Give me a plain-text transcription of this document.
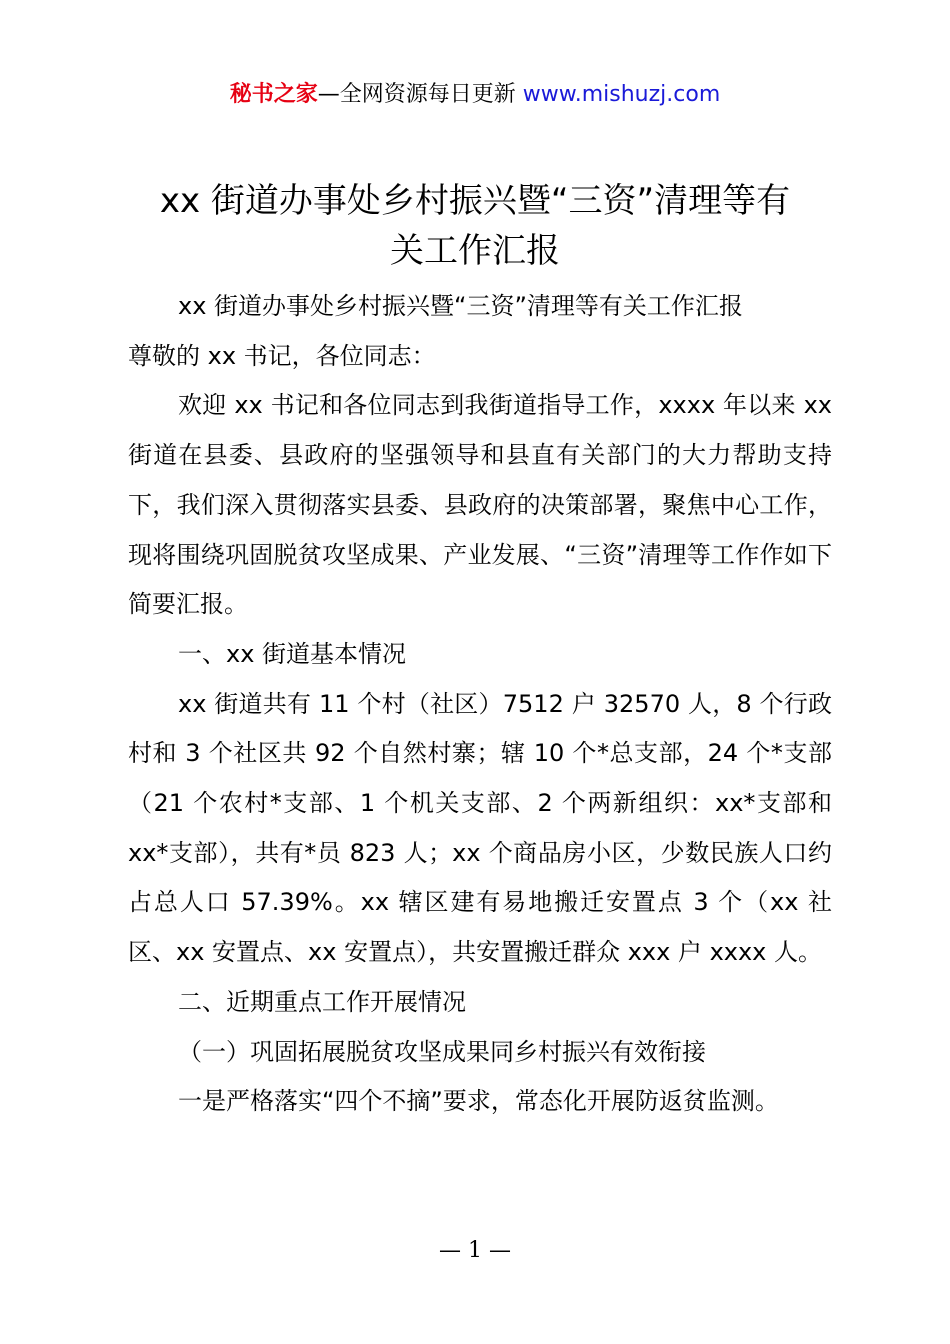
秘书之家—全网资源每日更新 www.mishuzj.com
xx 街道办事处乡村振兴暨“三资”清理等有
关工作汇报

xx 街道办事处乡村振兴暨“三资”清理等有关工作汇报

尊敬的 xx 书记，各位同志：

欢迎 xx 书记和各位同志到我街道指导工作，xxxx 年以来 xx 街道在县委、县政府的坚强领导和县直有关部门的大力帮助支持下，我们深入贯彻落实县委、县政府的决策部署，聚焦中心工作，现将围绕巩固脱贫攻坚成果、产业发展、“三资”清理等工作作如下简要汇报。

一、xx 街道基本情况

xx 街道共有 11 个村（社区）7512 户 32570 人，8 个行政村和 3 个社区共 92 个自然村寨；辖 10 个*总支部，24 个*支部（21 个农村*支部、1 个机关支部、2 个两新组织：xx*支部和 xx*支部），共有*员 823 人；xx 个商品房小区，少数民族人口约占总人口 57.39%。xx 辖区建有易地搬迁安置点 3 个（xx 社区、xx 安置点、xx 安置点），共安置搬迁群众 xxx 户 xxxx 人。

二、近期重点工作开展情况

（一）巩固拓展脱贫攻坚成果同乡村振兴有效衔接

一是严格落实“四个不摘”要求，常态化开展防返贫监测。

— 1 —
